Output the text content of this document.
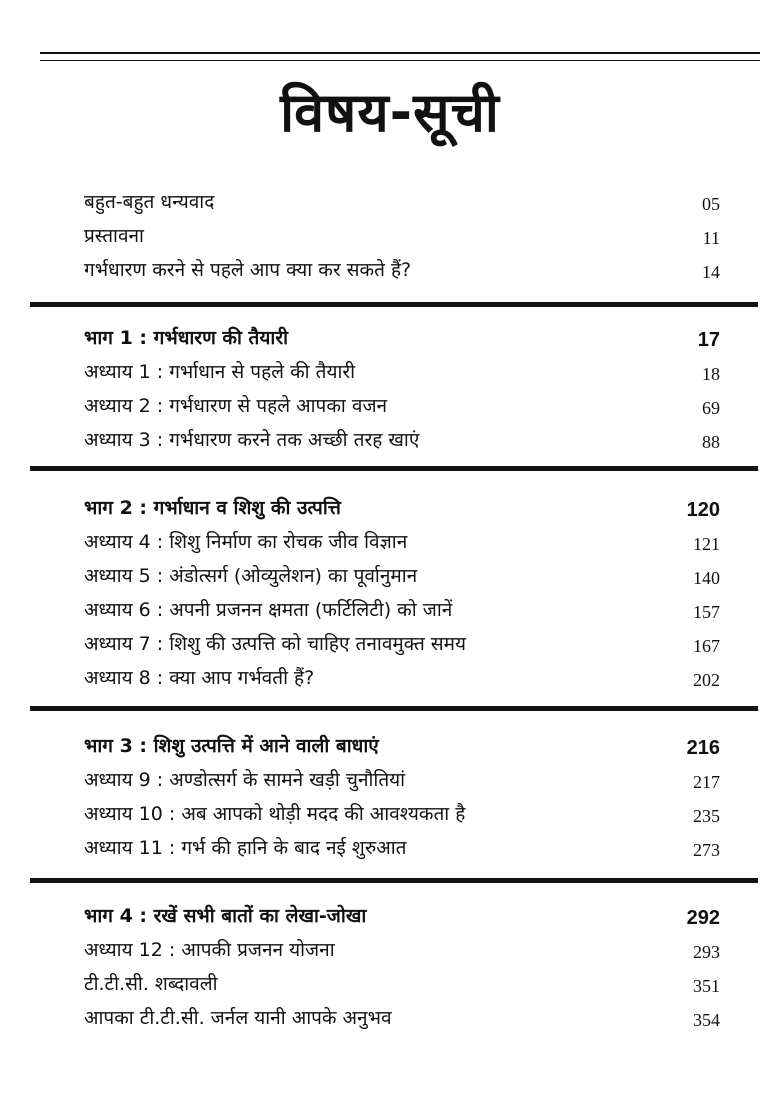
विषय-सूची
बहुत-बहुत धन्यवाद	05
प्रस्तावना	11
गर्भधारण करने से पहले आप क्या कर सकते हैं?	14
भाग 1 : गर्भधारण की तैयारी	17
अध्याय 1 : गर्भाधान से पहले की तैयारी	18
अध्याय 2 : गर्भधारण से पहले आपका वजन	69
अध्याय 3 : गर्भधारण करने तक अच्छी तरह खाएं	88
भाग 2 : गर्भाधान व शिशु की उत्पत्ति	120
अध्याय 4 : शिशु निर्माण का रोचक जीव विज्ञान	121
अध्याय 5 : अंडोत्सर्ग (ओव्युलेशन) का पूर्वानुमान	140
अध्याय 6 : अपनी प्रजनन क्षमता (फर्टिलिटी) को जानें	157
अध्याय 7 : शिशु की उत्पत्ति को चाहिए तनावमुक्त समय	167
अध्याय 8 : क्या आप गर्भवती हैं?	202
भाग 3 : शिशु उत्पत्ति में आने वाली बाधाएं	216
अध्याय 9 : अण्डोत्सर्ग के सामने खड़ी चुनौतियां	217
अध्याय 10 : अब आपको थोड़ी मदद की आवश्यकता है	235
अध्याय 11 : गर्भ की हानि के बाद नई शुरुआत	273
भाग 4 : रखें सभी बातों का लेखा-जोखा	292
अध्याय 12 : आपकी प्रजनन योजना	293
टी.टी.सी. शब्दावली	351
आपका टी.टी.सी. जर्नल यानी आपके अनुभव	354
